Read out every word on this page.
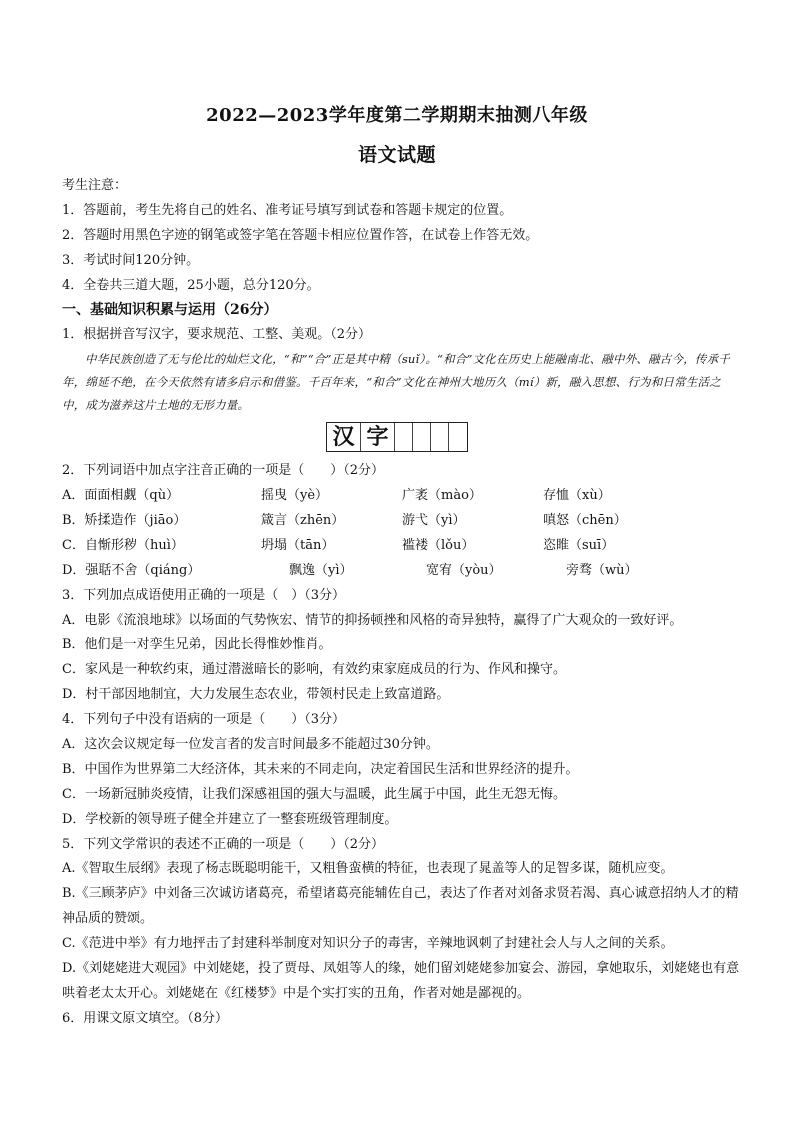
2022—2023学年度第二学期期末抽测八年级
语文试题
考生注意：
1．答题前，考生先将自己的姓名、准考证号填写到试卷和答题卡规定的位置。
2．答题时用黑色字迹的钢笔或签字笔在答题卡相应位置作答，在试卷上作答无效。
3．考试时间120分钟。
4．全卷共三道大题，25小题，总分120分。
一、基础知识积累与运用（26分）
1．根据拼音写汉字，要求规范、工整、美观。（2分）
中华民族创造了无与伦比的灿烂文化，“和”“合”正是其中精（suǐ）。“和合”文化在历史上能融南北、融中外、融古今，传承千年，绵延不绝，在今天依然有诸多启示和借鉴。千百年来，“和合”文化在神州大地历久（mí）新，融入思想、行为和日常生活之中，成为滋养这片土地的无形力量。
汉 字
2．下列词语中加点字注音正确的一项是（　　）（2分）
A．面面相觑（qù）	摇曳（yè）	广袤（mào）	存恤（xù）
B．矫揉造作（jiāo）	箴言（zhēn）	游弋（yì）	嗔怒（chēn）
C．自惭形秽（huì）	坍塌（tān）	褴褛（lǒu）	恣睢（suī）
D．强聒不舍（qiáng）	飘逸（yì）	宽宥（yòu）	旁骛（wù）
3．下列加点成语使用正确的一项是（　）（3分）
A．电影《流浪地球》以场面的气势恢宏、情节的抑扬顿挫和风格的奇异独特，赢得了广大观众的一致好评。
B．他们是一对孪生兄弟，因此长得惟妙惟肖。
C．家风是一种软约束，通过潜滋暗长的影响，有效约束家庭成员的行为、作风和操守。
D．村干部因地制宜，大力发展生态农业，带领村民走上致富道路。
4．下列句子中没有语病的一项是（　　）（3分）
A．这次会议规定每一位发言者的发言时间最多不能超过30分钟。
B．中国作为世界第二大经济体，其未来的不同走向，决定着国民生活和世界经济的提升。
C．一场新冠肺炎疫情，让我们深感祖国的强大与温暖，此生属于中国，此生无怨无悔。
D．学校新的领导班子健全并建立了一整套班级管理制度。
5．下列文学常识的表述不正确的一项是（　　）（2分）
A.《智取生辰纲》表现了杨志既聪明能干，又粗鲁蛮横的特征，也表现了晁盖等人的足智多谋，随机应变。
B.《三顾茅庐》中刘备三次诚访诸葛亮，希望诸葛亮能辅佐自己，表达了作者对刘备求贤若渴、真心诚意招纳人才的精神品质的赞颂。
C.《范进中举》有力地抨击了封建科举制度对知识分子的毒害，辛辣地讽刺了封建社会人与人之间的关系。
D.《刘姥姥进大观园》中刘姥姥，投了贾母、凤姐等人的缘，她们留刘姥姥参加宴会、游园，拿她取乐，刘姥姥也有意哄着老太太开心。刘姥姥在《红楼梦》中是个实打实的丑角，作者对她是鄙视的。
6．用课文原文填空。（8分）
